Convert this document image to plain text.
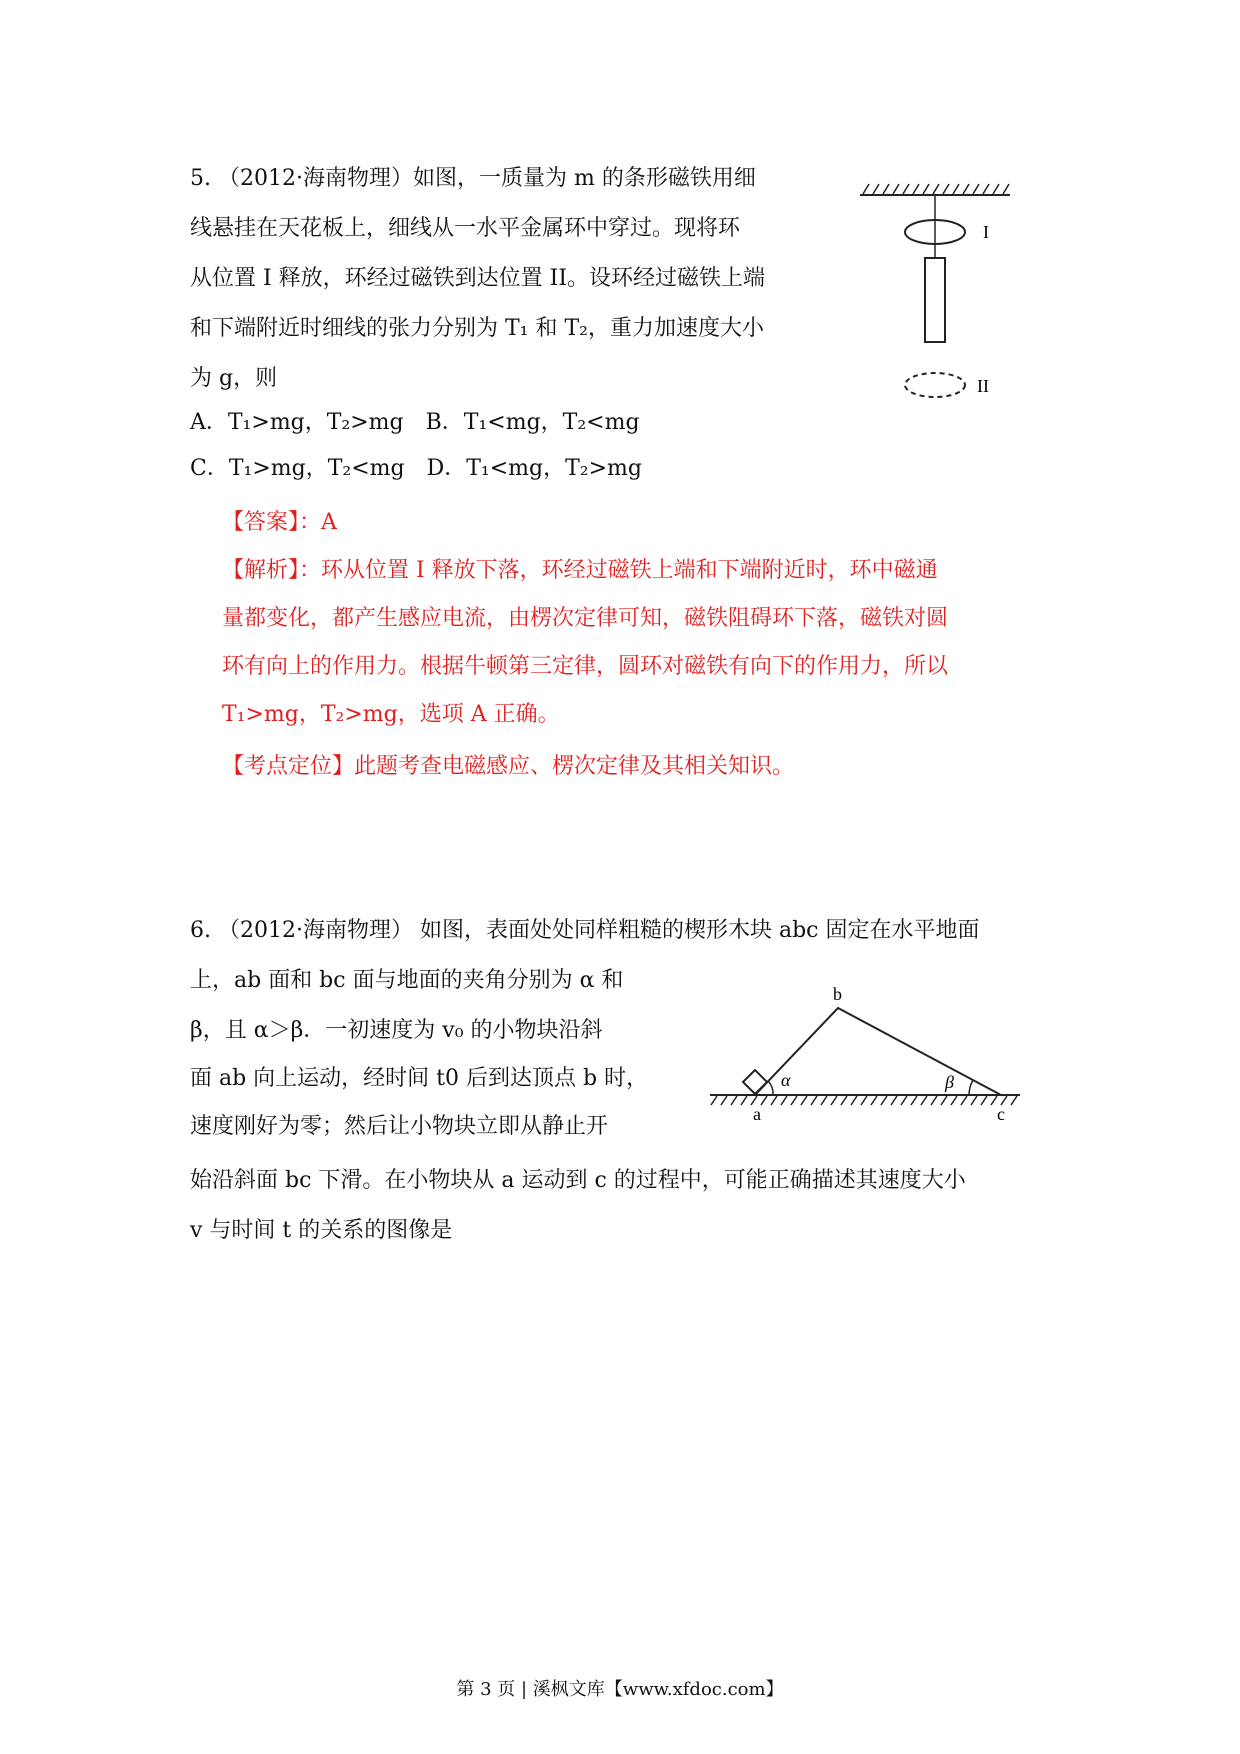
5. （2012·海南物理）如图，一质量为 m 的条形磁铁用细
线悬挂在天花板上，细线从一水平金属环中穿过。现将环
从位置 I 释放，环经过磁铁到达位置 II。设环经过磁铁上端
和下端附近时细线的张力分别为 T₁ 和 T₂，重力加速度大小
为 g，则
A．T₁>mg，T₂>mg　B．T₁<mg，T₂<mg
C．T₁>mg，T₂<mg　D．T₁<mg，T₂>mg
I
II
【答案】：A
【解析】：环从位置 I 释放下落，环经过磁铁上端和下端附近时，环中磁通
量都变化，都产生感应电流，由楞次定律可知，磁铁阻碍环下落，磁铁对圆
环有向上的作用力。根据牛顿第三定律，圆环对磁铁有向下的作用力，所以
T₁>mg，T₂>mg，选项 A 正确。
【考点定位】此题考查电磁感应、楞次定律及其相关知识。
6. （2012·海南物理） 如图，表面处处同样粗糙的楔形木块 abc 固定在水平地面
上，ab 面和 bc 面与地面的夹角分别为 α 和
β，且 α＞β．一初速度为 v₀ 的小物块沿斜
面 ab 向上运动，经时间 t0 后到达顶点 b 时，
速度刚好为零；然后让小物块立即从静止开
始沿斜面 bc 下滑。在小物块从 a 运动到 c 的过程中，可能正确描述其速度大小
v 与时间 t 的关系的图像是
b
a	c
α	β
第 3 页 | 溪枫文库【www.xfdoc.com】
